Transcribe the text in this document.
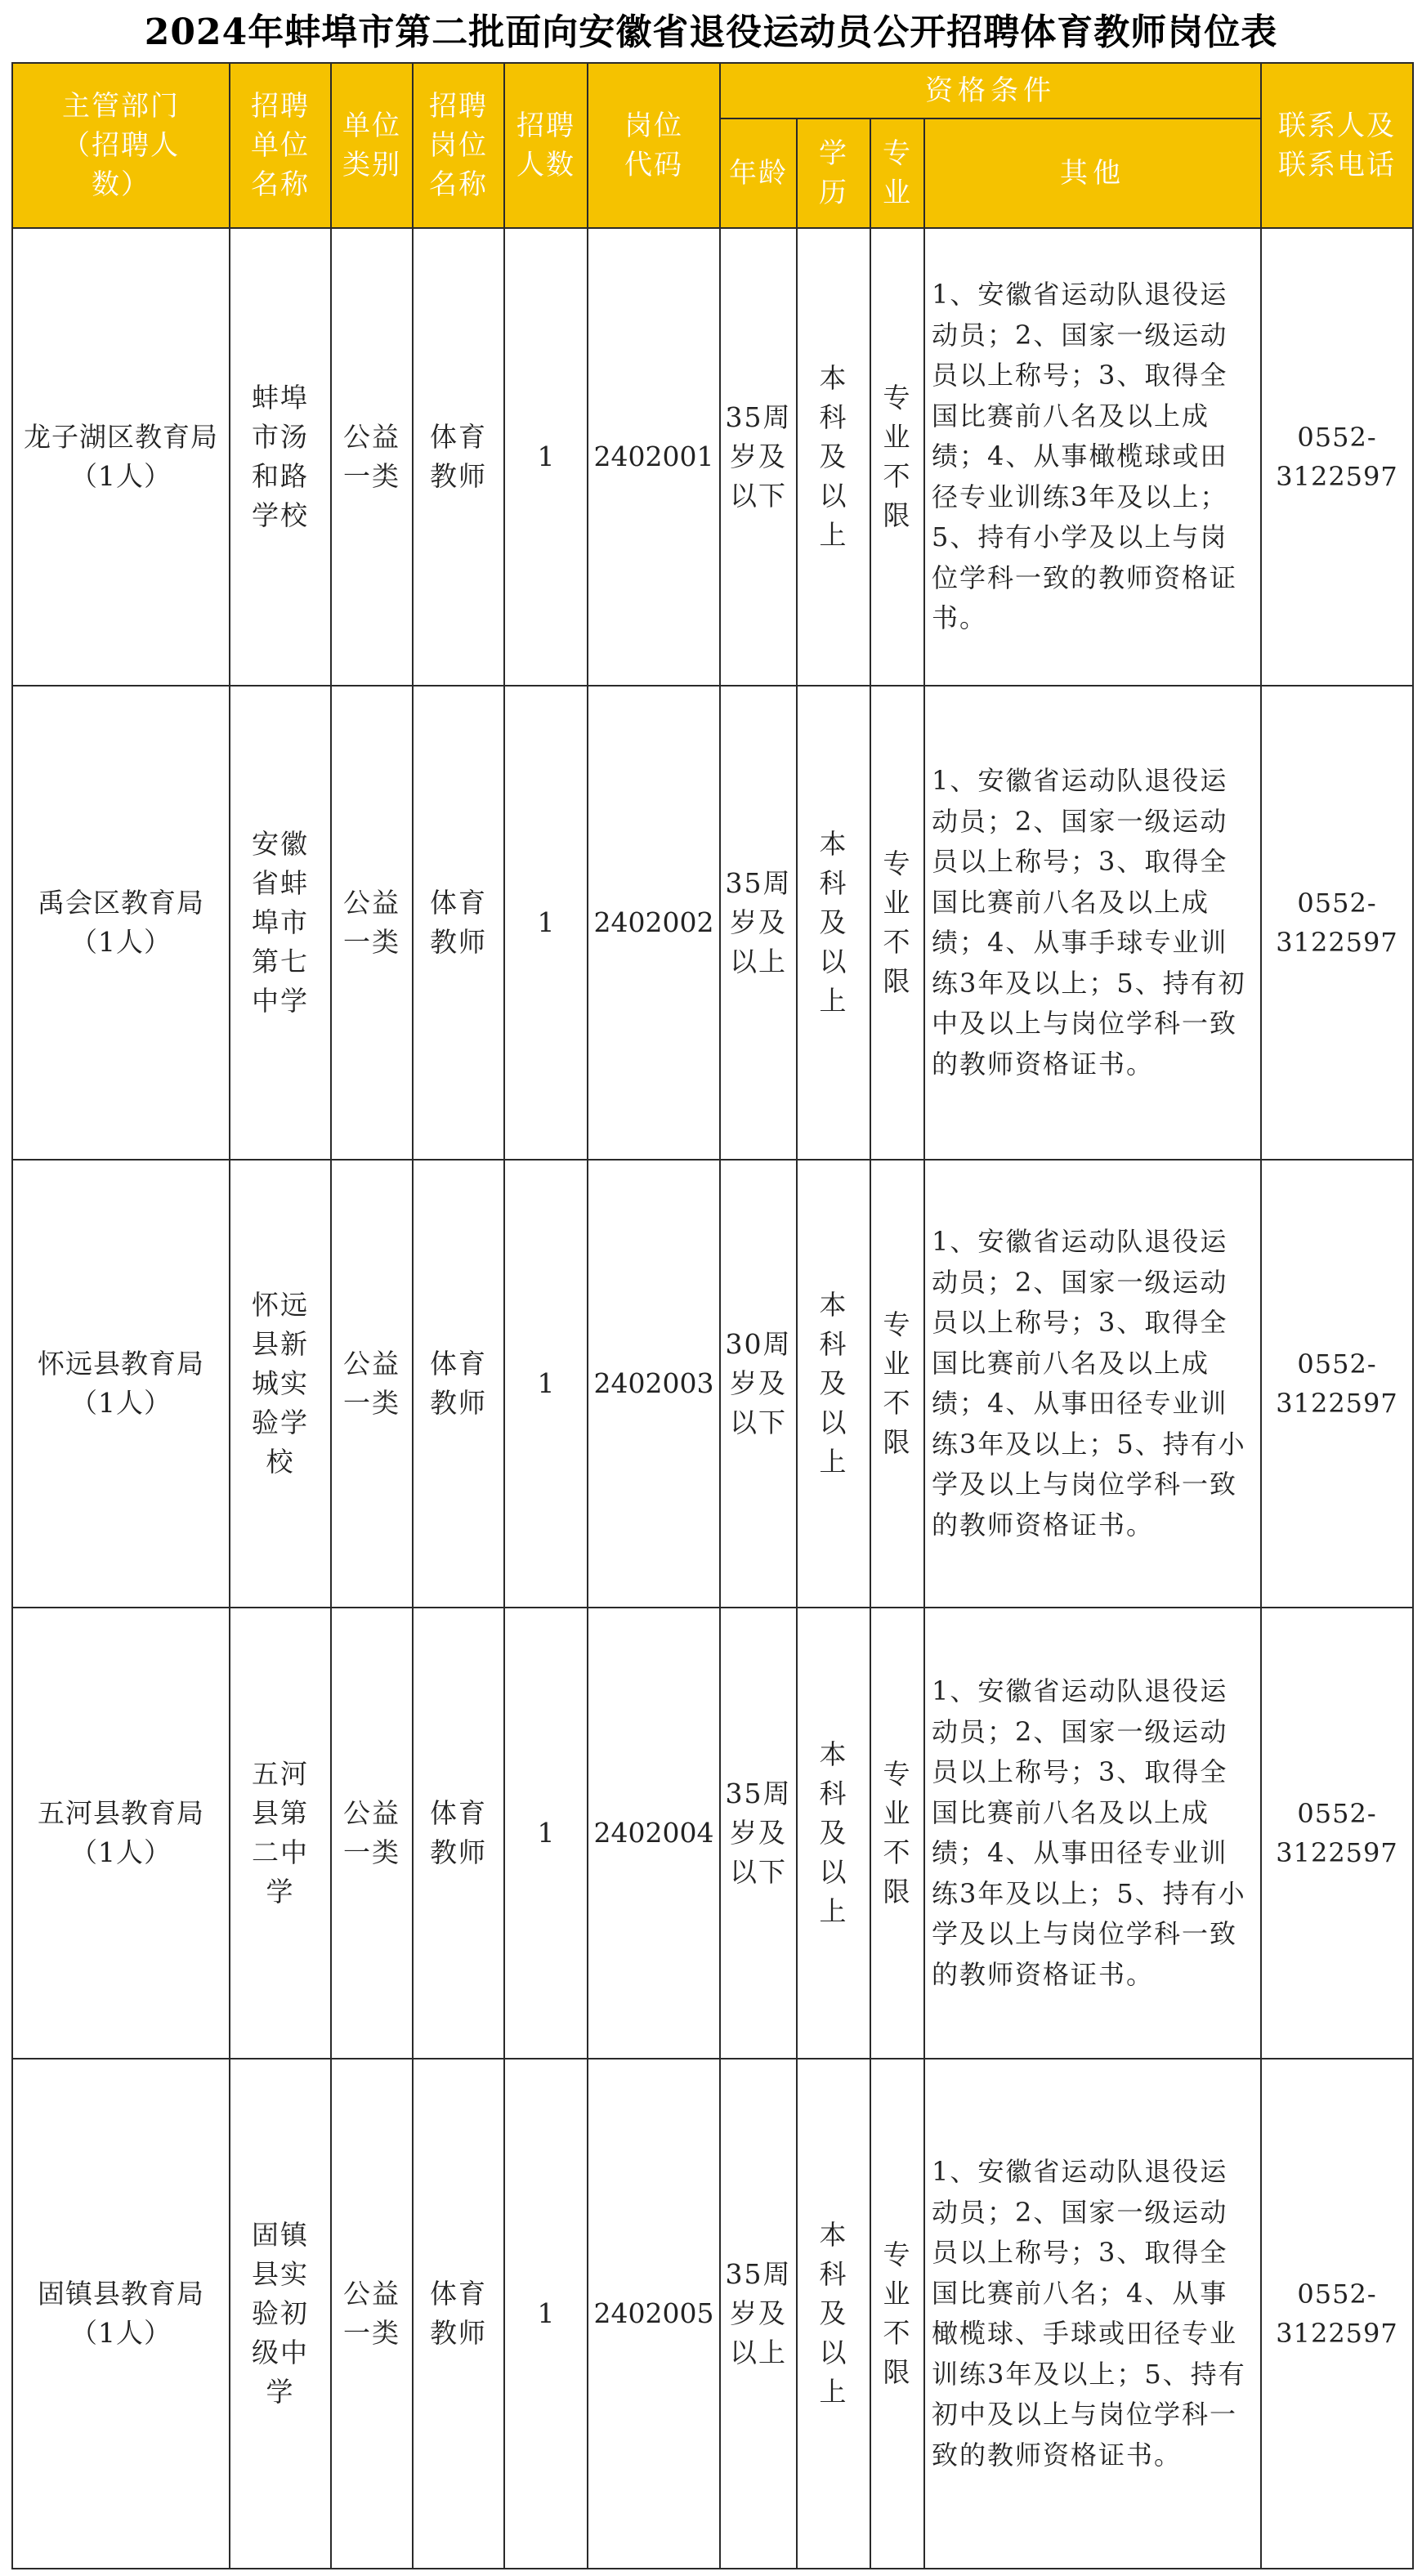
2024年蚌埠市第二批面向安徽省退役运动员公开招聘体育教师岗位表
主管部门（招聘人数）	招聘单位名称	单位类别	招聘岗位名称	招聘人数	岗位代码	资格条件				联系人及联系电话
						年龄	学历	专业	其他	
龙子湖区教育局（1人）	蚌埠市汤和路学校	公益一类	体育教师	1	2402001	35周岁及以下	本科及以上	专业不限	1、安徽省运动队退役运动员；2、国家一级运动员以上称号；3、取得全国比赛前八名及以上成绩；4、从事橄榄球或田径专业训练3年及以上；5、持有小学及以上与岗位学科一致的教师资格证书。	0552-3122597
禹会区教育局（1人）	安徽省蚌埠市第七中学	公益一类	体育教师	1	2402002	35周岁及以上	本科及以上	专业不限	1、安徽省运动队退役运动员；2、国家一级运动员以上称号；3、取得全国比赛前八名及以上成绩；4、从事手球专业训练3年及以上；5、持有初中及以上与岗位学科一致的教师资格证书。	0552-3122597
怀远县教育局（1人）	怀远县新城实验学校	公益一类	体育教师	1	2402003	30周岁及以下	本科及以上	专业不限	1、安徽省运动队退役运动员；2、国家一级运动员以上称号；3、取得全国比赛前八名及以上成绩；4、从事田径专业训练3年及以上；5、持有小学及以上与岗位学科一致的教师资格证书。	0552-3122597
五河县教育局（1人）	五河县第二中学	公益一类	体育教师	1	2402004	35周岁及以下	本科及以上	专业不限	1、安徽省运动队退役运动员；2、国家一级运动员以上称号；3、取得全国比赛前八名及以上成绩；4、从事田径专业训练3年及以上；5、持有小学及以上与岗位学科一致的教师资格证书。	0552-3122597
固镇县教育局（1人）	固镇县实验初级中学	公益一类	体育教师	1	2402005	35周岁及以上	本科及以上	专业不限	1、安徽省运动队退役运动员；2、国家一级运动员以上称号；3、取得全国比赛前八名；4、从事橄榄球、手球或田径专业训练3年及以上；5、持有初中及以上与岗位学科一致的教师资格证书。	0552-3122597
